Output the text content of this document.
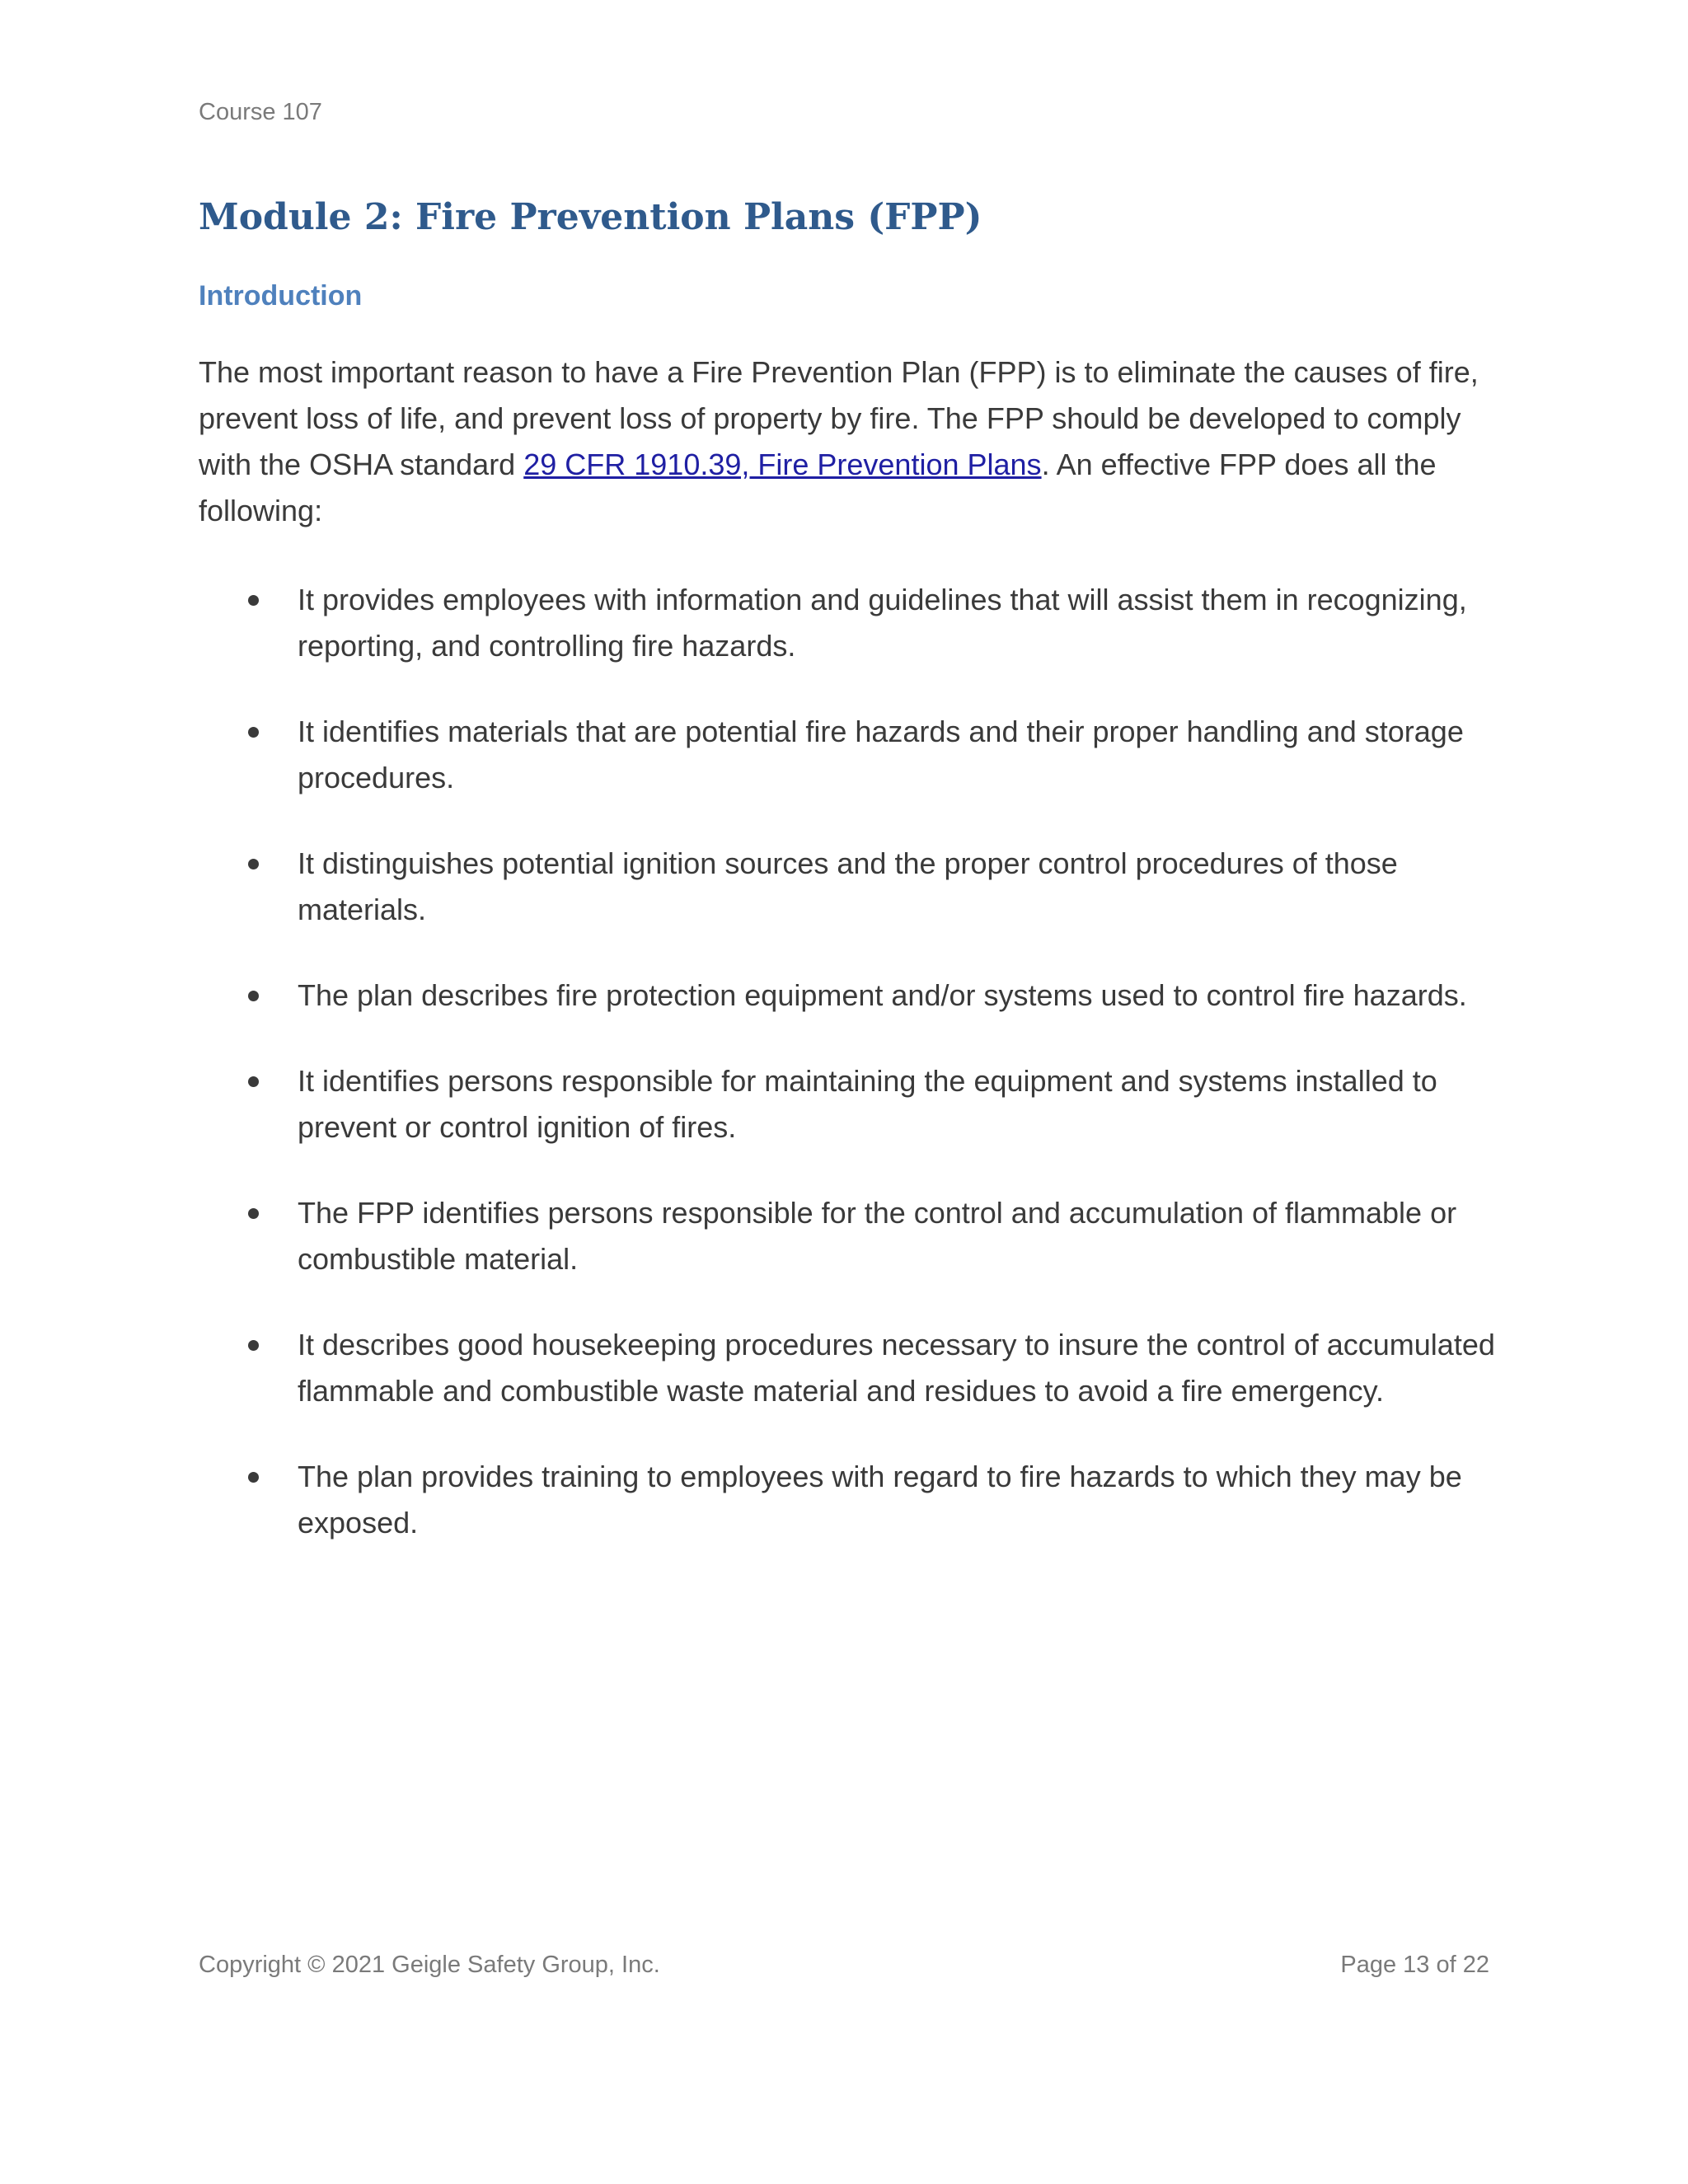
Course 107
Module 2: Fire Prevention Plans (FPP)
Introduction

The most important reason to have a Fire Prevention Plan (FPP) is to eliminate the causes of fire, prevent loss of life, and prevent loss of property by fire. The FPP should be developed to comply with the OSHA standard 29 CFR 1910.39, Fire Prevention Plans. An effective FPP does all the following:

It provides employees with information and guidelines that will assist them in recognizing, reporting, and controlling fire hazards.
It identifies materials that are potential fire hazards and their proper handling and storage procedures.
It distinguishes potential ignition sources and the proper control procedures of those materials.
The plan describes fire protection equipment and/or systems used to control fire hazards.
It identifies persons responsible for maintaining the equipment and systems installed to prevent or control ignition of fires.
The FPP identifies persons responsible for the control and accumulation of flammable or combustible material.
It describes good housekeeping procedures necessary to insure the control of accumulated flammable and combustible waste material and residues to avoid a fire emergency.
The plan provides training to employees with regard to fire hazards to which they may be exposed.
Copyright © 2021 Geigle Safety Group, Inc.	Page 13 of 22
